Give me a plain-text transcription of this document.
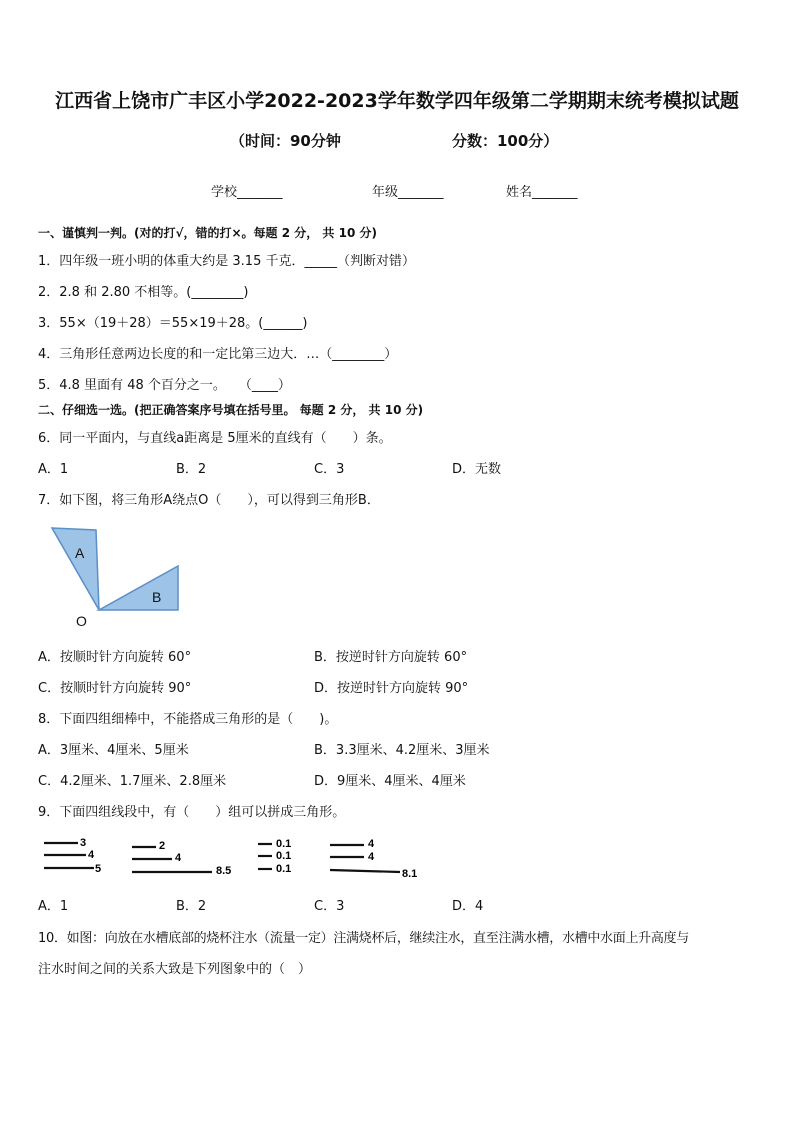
江西省上饶市广丰区小学2022-2023学年数学四年级第二学期期末统考模拟试题
（时间：90分钟	分数：100分）
学校_______	年级_______	姓名_______
一、谨慎判一判。(对的打√，错的打×。每题 2 分， 共 10 分)
1．四年级一班小明的体重大约是 3.15 千克．_____（判断对错）
2．2.8 和 2.80 不相等。(________)
3．55×（19＋28）＝55×19＋28。(______)
4．三角形任意两边长度的和一定比第三边大．…（________）
5．4.8 里面有 48 个百分之一。　　（____）
二、仔细选一选。(把正确答案序号填在括号里。 每题 2 分， 共 10 分)
6．同一平面内，与直线a距离是 5厘米的直线有（　　）条。
A．1	B．2	C．3	D．无数
7．如下图，将三角形A绕点O（　　），可以得到三角形B．
A
B
O
A．按顺时针方向旋转 60°	B．按逆时针方向旋转 60°
C．按顺时针方向旋转 90°	D．按逆时针方向旋转 90°
8．下面四组细棒中，不能搭成三角形的是（　　)。
A．3厘米、4厘米、5厘米	B．3.3厘米、4.2厘米、3厘米
C．4.2厘米、1.7厘米、2.8厘米	D．9厘米、4厘米、4厘米
9．下面四组线段中，有（　　）组可以拼成三角形。
3
4
5
2
4
8.5
0.1
0.1
0.1
4
4
8.1
A．1	B．2	C．3	D．4
10．如图：向放在水槽底部的烧杯注水（流量一定）注满烧杯后，继续注水，直至注满水槽，水槽中水面上升高度与
注水时间之间的关系大致是下列图象中的（　）
